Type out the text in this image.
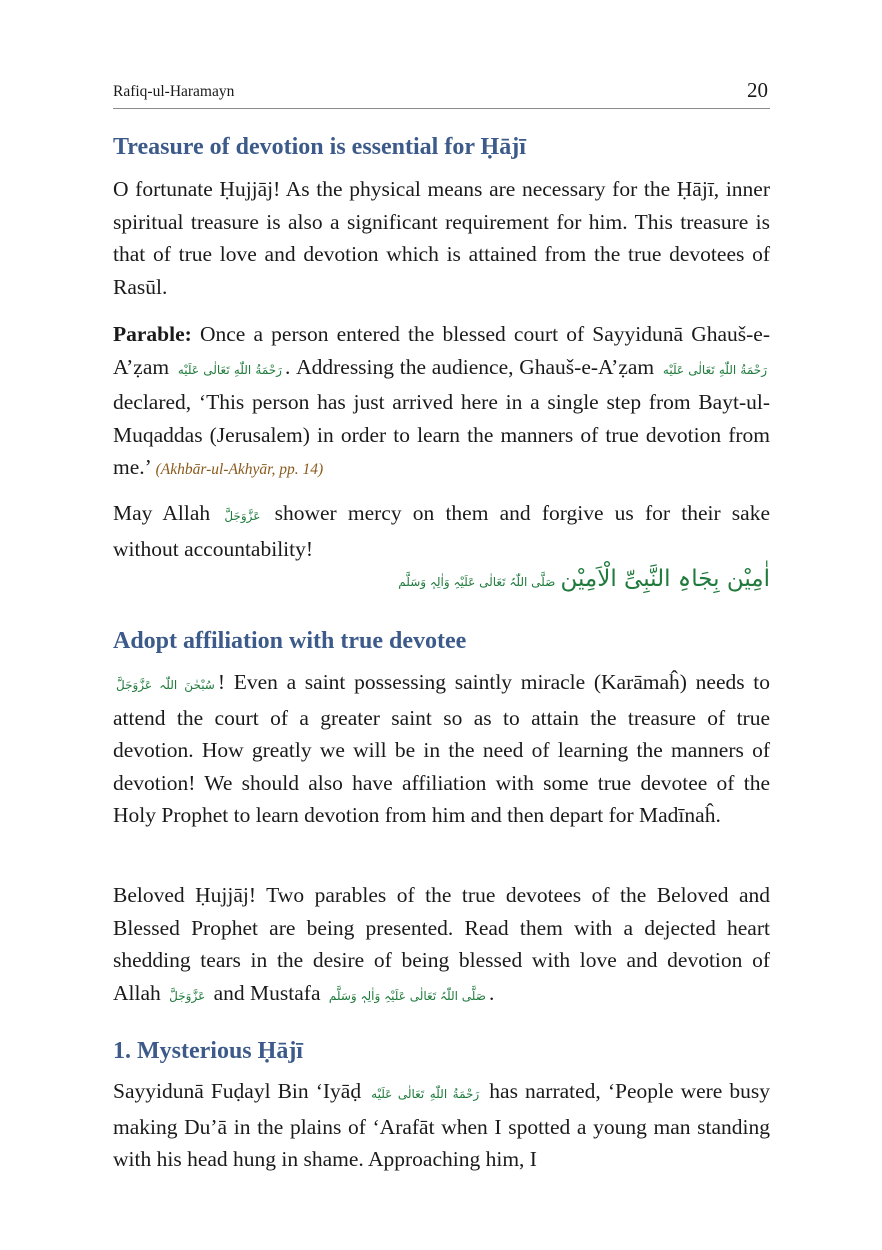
Rafiq-ul-Haramayn	20
Treasure of devotion is essential for Ḥājī

O fortunate Ḥujjāj! As the physical means are necessary for the Ḥājī, inner spiritual treasure is also a significant requirement for him. This treasure is that of true love and devotion which is attained from the true devotees of Rasūl.

Parable: Once a person entered the blessed court of Sayyidunā Ghauš-e-A’ẓam رَحْمَةُ اللّٰهِ تَعَالٰی عَلَیْه . Addressing the audience, Ghauš-e-A’ẓam رَحْمَةُ اللّٰهِ تَعَالٰی عَلَیْه declared, ‘This person has just arrived here in a single step from Bayt-ul-Muqaddas (Jerusalem) in order to learn the manners of true devotion from me.’ (Akhbār-ul-Akhyār, pp. 14)

May Allah عَزَّوَجَلَّ shower mercy on them and forgive us for their sake without accountability!

اٰمِیْن بِجَاہِ النَّبِیِّ الْاَمِیْن صَلَّی اللّٰہُ تَعَالٰی عَلَیْہِ وَاٰلِہٖ وَسَلَّم
Adopt affiliation with true devotee

سُبْحٰنَ اللّٰہ عَزَّوَجَلَّ ! Even a saint possessing saintly miracle (Karāmaĥ) needs to attend the court of a greater saint so as to attain the treasure of true devotion. How greatly we will be in the need of learning the manners of devotion! We should also have affiliation with some true devotee of the Holy Prophet to learn devotion from him and then depart for Madīnaĥ.

Beloved Ḥujjāj! Two parables of the true devotees of the Beloved and Blessed Prophet are being presented. Read them with a dejected heart shedding tears in the desire of being blessed with love and devotion of Allah عَزَّوَجَلَّ and Mustafa صَلَّی اللّٰہُ تَعَالٰی عَلَیْہِ وَاٰلِہٖ وَسَلَّم .

1. Mysterious Ḥājī

Sayyidunā Fuḍayl Bin ‘Iyāḍ رَحْمَةُ اللّٰهِ تَعَالٰی عَلَیْه has narrated, ‘People were busy making Du’ā in the plains of ‘Arafāt when I spotted a young man standing with his head hung in shame. Approaching him, I
